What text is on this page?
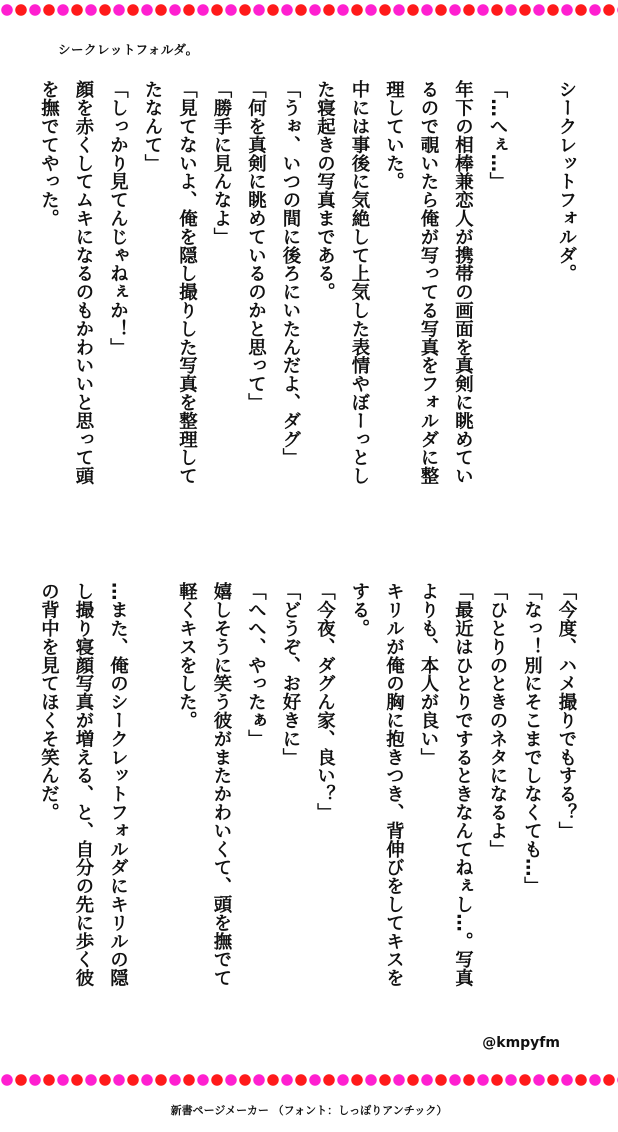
シークレットフォルダ。
シークレットフォルダ。

「…へぇ…」
年下の相棒兼恋人が携帯の画面を真剣に眺めてい
るので覗いたら俺が写ってる写真をフォルダに整
理していた。
中には事後に気絶して上気した表情やぼーっとし
た寝起きの写真まである。
「うぉ、いつの間に後ろにいたんだよ、ダグ」
「何を真剣に眺めているのかと思って」
「勝手に見んなよ」
「見てないよ、俺を隠し撮りした写真を整理して
たなんて」
「しっかり見てんじゃねぇか！」
顔を赤くしてムキになるのもかわいいと思って頭
を撫でてやった。
「今度、ハメ撮りでもする？」
「なっ！別にそこまでしなくても…」
「ひとりのときのネタになるよ」
「最近はひとりでするときなんてねぇし…。写真
よりも、本人が良い」
キリルが俺の胸に抱きつき、背伸びをしてキスを
する。
「今夜、ダグん家、良い？」
「どうぞ、お好きに」
「へへ、やったぁ」
嬉しそうに笑う彼がまたかわいくて、頭を撫でて
軽くキスをした。

…また、俺のシークレットフォルダにキリルの隠
し撮り寝顔写真が増える、と、自分の先に歩く彼
の背中を見てほくそ笑んだ。
@kmpyfm
新書ページメーカー （フォント：しっぽりアンチック）
